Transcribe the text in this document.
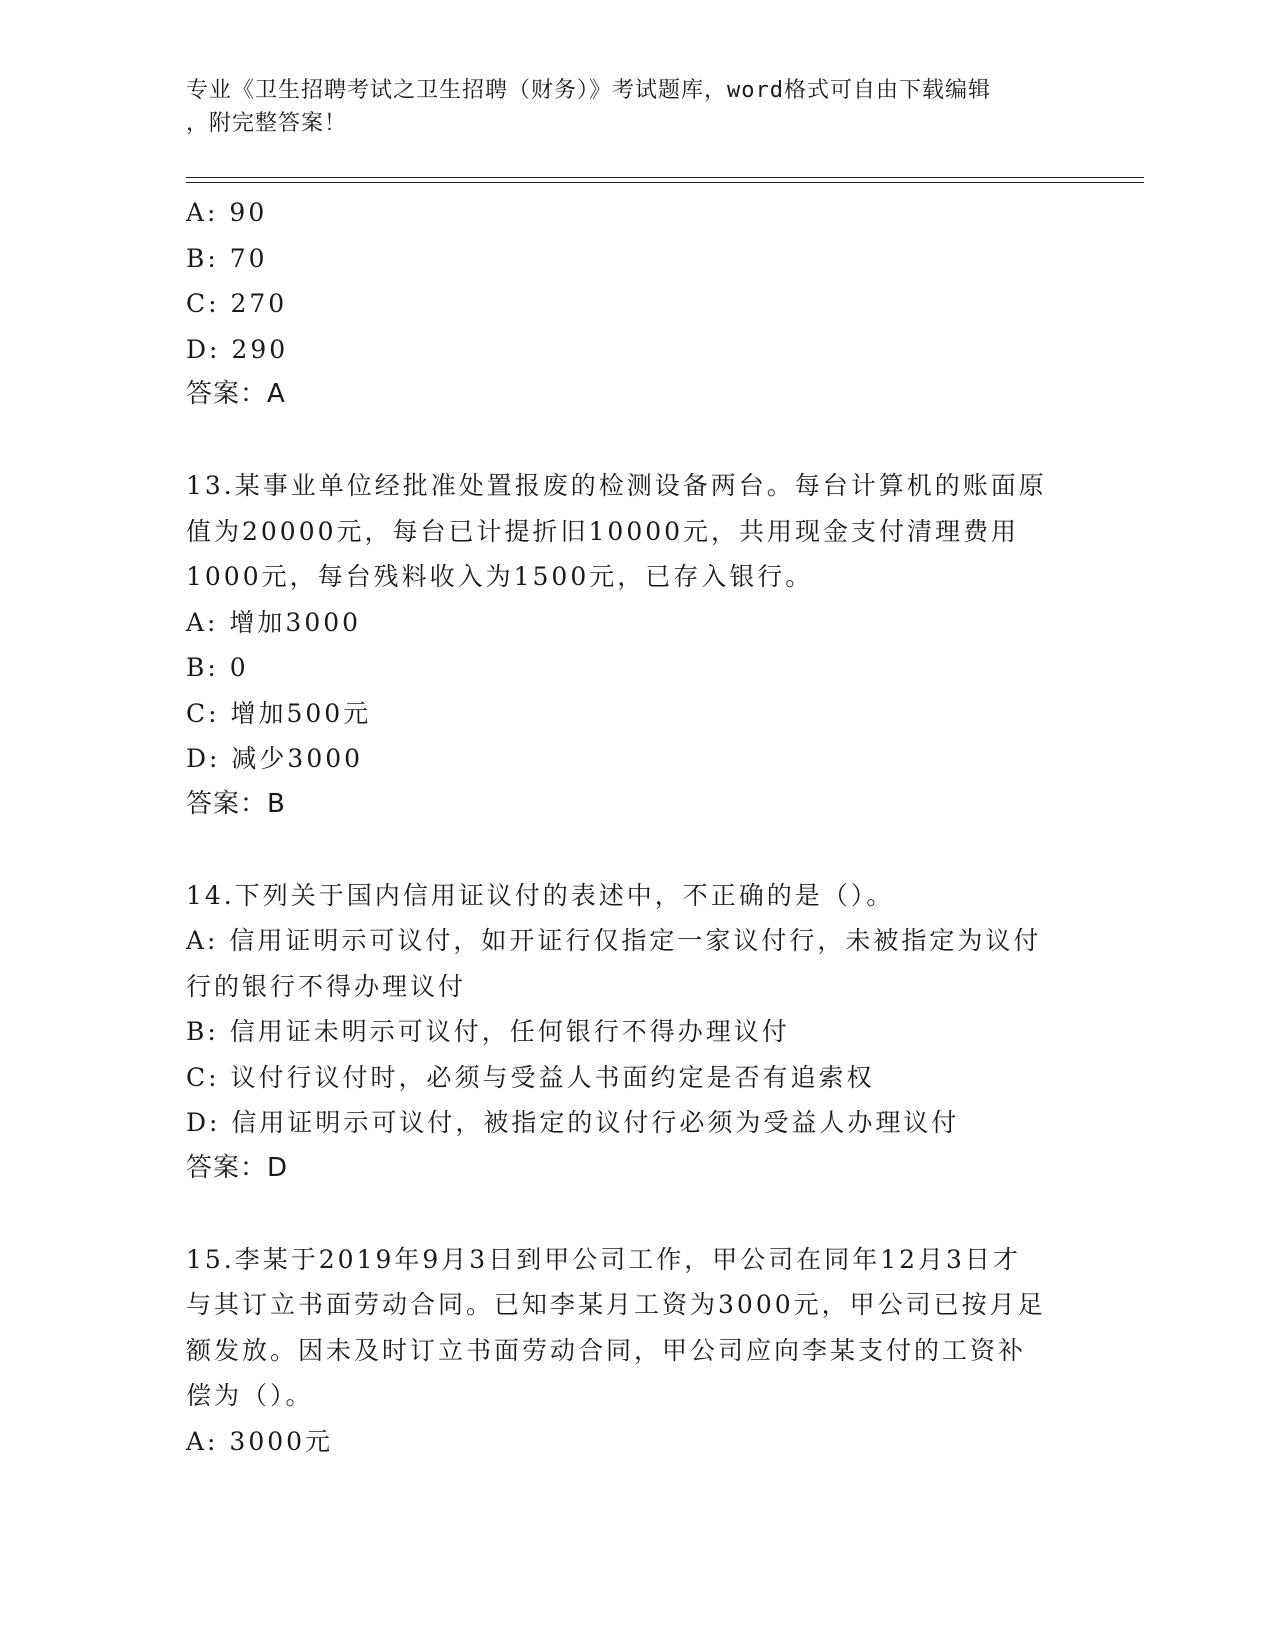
专业《卫生招聘考试之卫生招聘（财务）》考试题库，word格式可自由下载编辑
，附完整答案！
A: 90
B: 70
C: 270
D: 290
答案：A
13.某事业单位经批准处置报废的检测设备两台。每台计算机的账面原
值为20000元，每台已计提折旧10000元，共用现金支付清理费用
1000元，每台残料收入为1500元，已存入银行。
A: 增加3000
B: 0
C: 增加500元
D: 减少3000
答案：B
14.下列关于国内信用证议付的表述中，不正确的是（）。
A: 信用证明示可议付，如开证行仅指定一家议付行，未被指定为议付
行的银行不得办理议付
B: 信用证未明示可议付，任何银行不得办理议付
C: 议付行议付时，必须与受益人书面约定是否有追索权
D: 信用证明示可议付，被指定的议付行必须为受益人办理议付
答案：D
15.李某于2019年9月3日到甲公司工作，甲公司在同年12月3日才
与其订立书面劳动合同。已知李某月工资为3000元，甲公司已按月足
额发放。因未及时订立书面劳动合同，甲公司应向李某支付的工资补
偿为（）。
A: 3000元
